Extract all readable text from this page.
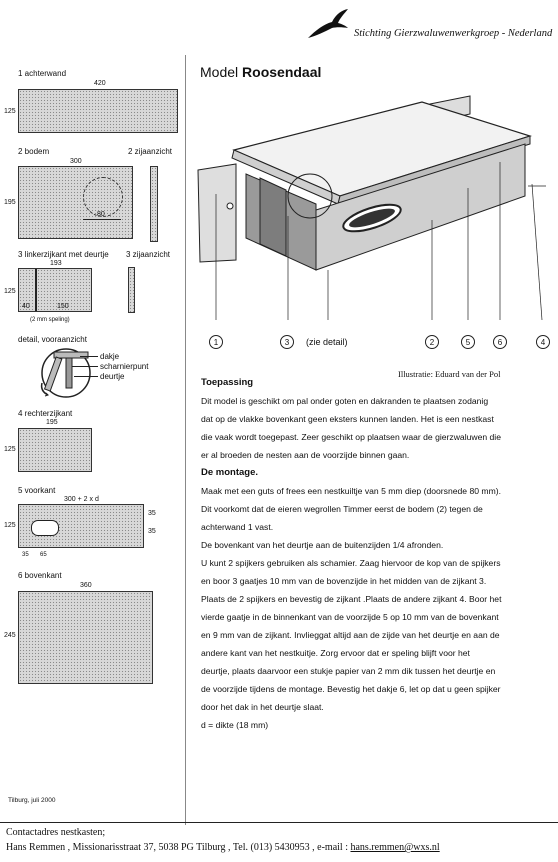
Stichting Gierzwaluwenwerkgroep - Nederland
1 achterwand
420
125
2 bodem	2 zijaanzicht
300
195
80
3 linkerzijkant met deurtje 3 zijaanzicht
193
125
40	150
(2 mm speling)
detail, vooraanzicht
dakje
scharnierpunt
deurtje
4 rechterzijkant
195
125
5 voorkant
300 + 2 x d
125
35
35
35 65
6 bovenkant
360
245
Tilburg, juli 2000
Model Roosendaal
1	3	(zie detail)	2	5	6	4
Illustratie: Eduard van der Pol

Toepassing

Dit model is geschikt om pal onder goten en dakranden te plaatsen zodanig

dat op de vlakke bovenkant geen eksters kunnen landen. Het is een nestkast

die vaak wordt toegepast. Zeer geschikt op plaatsen waar de gierzwaluwen die

er al broeden de nesten aan de voorzijde binnen gaan.

De montage.

Maak met een guts of frees een nestkuiltje van 5 mm diep (doorsnede 80 mm).

Dit voorkomt dat de eieren wegrollen Timmer eerst de bodem (2) tegen de

achterwand 1 vast.

De bovenkant van het deurtje aan de buitenzijden 1/4 afronden.

U kunt 2 spijkers gebruiken als schamier. Zaag hiervoor de kop van de spijkers

en boor 3 gaatjes 10 mm van de bovenzijde in het midden van de zijkant 3.

Plaats de 2 spijkers en bevestig de zijkant .Plaats de andere zijkant 4. Boor het

vierde gaatje in de binnenkant van de voorzijde 5 op 10 mm van de bovenkant

en 9 mm van de zijkant. Invlieggat altijd aan de zijde van het deurtje en aan de

andere kant van het nestkuitje. Zorg ervoor dat er speling blijft voor het

deurtje, plaats daarvoor een stukje papier van 2 mm dik tussen het deurtje en

de voorzijde tijdens de montage. Bevestig het dakje 6, let op dat u geen spijker

door het dak in het deurtje slaat.

d = dikte (18 mm)

Contactadres nestkasten;
Hans Remmen , Missionarisstraat 37, 5038 PG Tilburg , Tel. (013) 5430953 , e-mail : hans.remmen@wxs.nl
